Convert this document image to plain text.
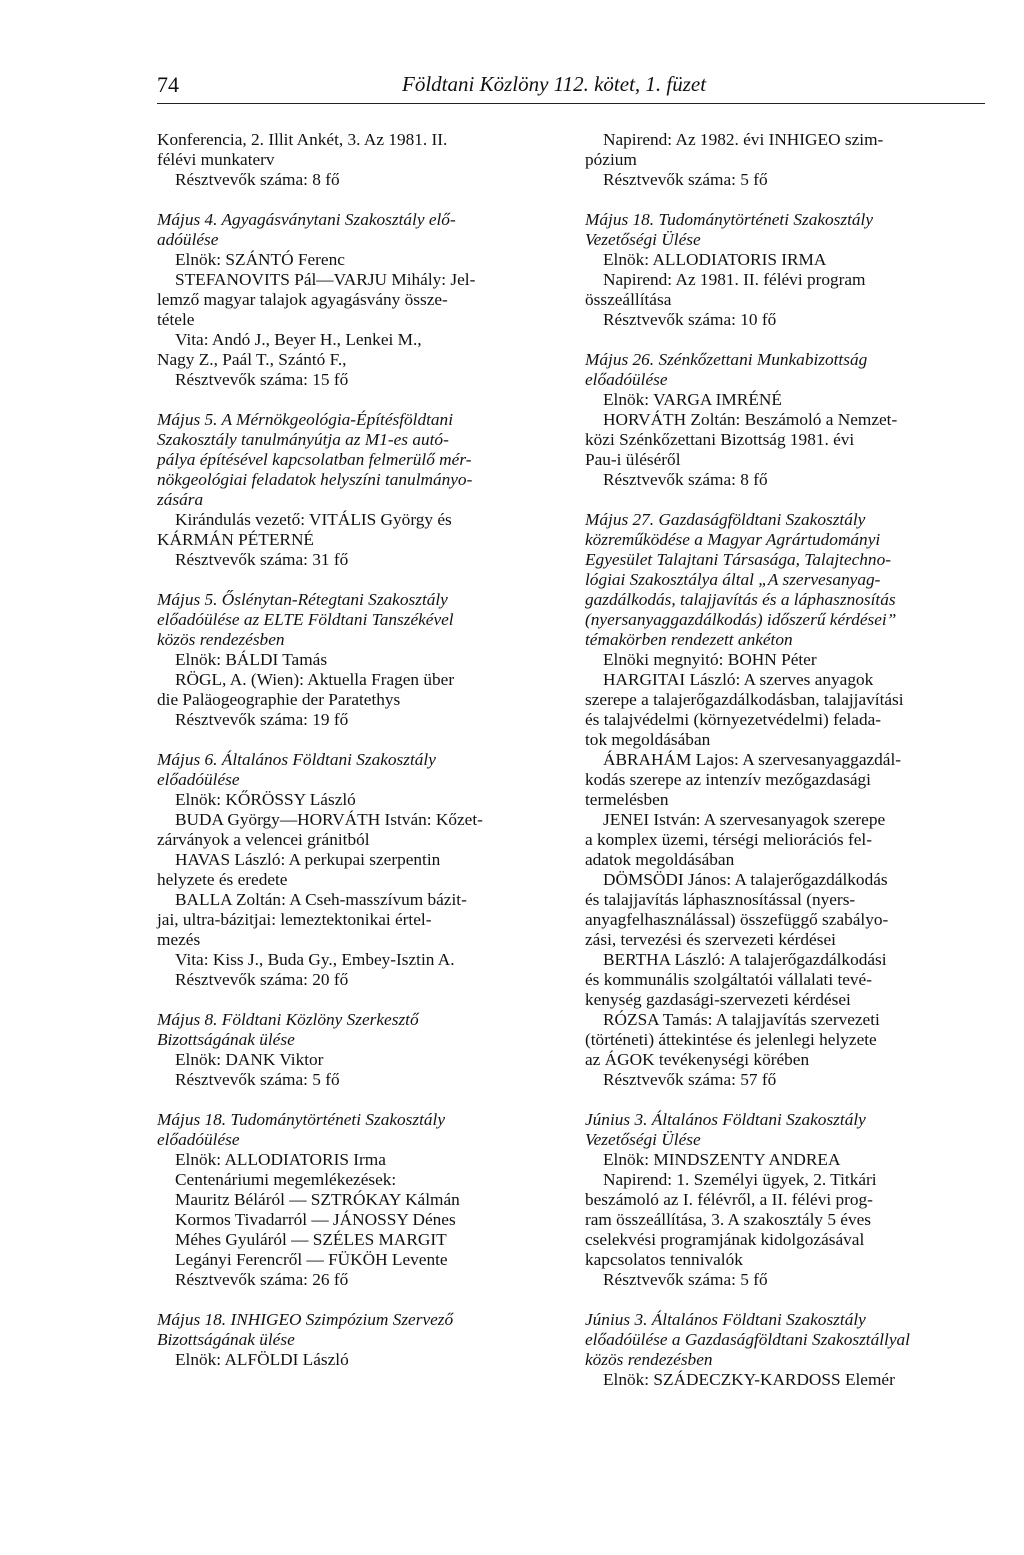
74	Földtani Közlöny 112. kötet, 1. füzet
Konferencia, 2. Illit Ankét, 3. Az 1981. II.
félévi munkaterv
Résztvevők száma: 8 fő
Május 4. Agyagásványtani Szakosztály elő-
adóülése
Elnök: SZÁNTÓ Ferenc
STEFANOVITS Pál—VARJU Mihály: Jel-
lemző magyar talajok agyagásvány össze-
tétele
Vita: Andó J., Beyer H., Lenkei M.,
Nagy Z., Paál T., Szántó F.,
Résztvevők száma: 15 fő
Május 5. A Mérnökgeológia-Építésföldtani
Szakosztály tanulmányútja az M1-es autó-
pálya építésével kapcsolatban felmerülő mér-
nökgeológiai feladatok helyszíni tanulmányo-
zására
Kirándulás vezető: VITÁLIS György és
KÁRMÁN PÉTERNÉ
Résztvevők száma: 31 fő
Május 5. Őslénytan-Rétegtani Szakosztály
előadóülése az ELTE Földtani Tanszékével
közös rendezésben
Elnök: BÁLDI Tamás
RÖGL, A. (Wien): Aktuella Fragen über
die Paläogeographie der Paratethys
Résztvevők száma: 19 fő
Május 6. Általános Földtani Szakosztály
előadóülése
Elnök: KŐRÖSSY László
BUDA György—HORVÁTH István: Kőzet-
zárványok a velencei gránitból
HAVAS László: A perkupai szerpentin
helyzete és eredete
BALLA Zoltán: A Cseh-masszívum bázit-
jai, ultra-bázitjai: lemeztektonikai értel-
mezés
Vita: Kiss J., Buda Gy., Embey-Isztin A.
Résztvevők száma: 20 fő
Május 8. Földtani Közlöny Szerkesztő
Bizottságának ülése
Elnök: DANK Viktor
Résztvevők száma: 5 fő
Május 18. Tudománytörténeti Szakosztály
előadóülése
Elnök: ALLODIATORIS Irma
Centenáriumi megemlékezések:
Mauritz Béláról — SZTRÓKAY Kálmán
Kormos Tivadarról — JÁNOSSY Dénes
Méhes Gyuláról — SZÉLES MARGIT
Legányi Ferencről — FÜKÖH Levente
Résztvevők száma: 26 fő
Május 18. INHIGEO Szimpózium Szervező
Bizottságának ülése
Elnök: ALFÖLDI László
Napirend: Az 1982. évi INHIGEO szim-
pózium
Résztvevők száma: 5 fő
Május 18. Tudománytörténeti Szakosztály
Vezetőségi Ülése
Elnök: ALLODIATORIS IRMA
Napirend: Az 1981. II. félévi program
összeállítása
Résztvevők száma: 10 fő
Május 26. Szénkőzettani Munkabizottság
előadóülése
Elnök: VARGA IMRÉNÉ
HORVÁTH Zoltán: Beszámoló a Nemzet-
közi Szénkőzettani Bizottság 1981. évi
Pau-i üléséről
Résztvevők száma: 8 fő
Május 27. Gazdaságföldtani Szakosztály
közreműködése a Magyar Agrártudományi
Egyesület Talajtani Társasága, Talajtechno-
lógiai Szakosztálya által „A szervesanyag-
gazdálkodás, talajjavítás és a láphasznosítás
(nyersanyaggazdálkodás) időszerű kérdései”
témakörben rendezett ankéton
Elnöki megnyitó: BOHN Péter
HARGITAI László: A szerves anyagok
szerepe a talajerőgazdálkodásban, talajjavítási
és talajvédelmi (környezetvédelmi) felada-
tok megoldásában
ÁBRAHÁM Lajos: A szervesanyaggazdál-
kodás szerepe az intenzív mezőgazdasági
termelésben
JENEI István: A szervesanyagok szerepe
a komplex üzemi, térségi meliorációs fel-
adatok megoldásában
DÖMSÖDI János: A talajerőgazdálkodás
és talajjavítás láphasznosítással (nyers-
anyagfelhasználással) összefüggő szabályo-
zási, tervezési és szervezeti kérdései
BERTHA László: A talajerőgazdálkodási
és kommunális szolgáltatói vállalati tevé-
kenység gazdasági-szervezeti kérdései
RÓZSA Tamás: A talajjavítás szervezeti
(történeti) áttekintése és jelenlegi helyzete
az ÁGOK tevékenységi körében
Résztvevők száma: 57 fő
Június 3. Általános Földtani Szakosztály
Vezetőségi Ülése
Elnök: MINDSZENTY ANDREA
Napirend: 1. Személyi ügyek, 2. Titkári
beszámoló az I. félévről, a II. félévi prog-
ram összeállítása, 3. A szakosztály 5 éves
cselekvési programjának kidolgozásával
kapcsolatos tennivalók
Résztvevők száma: 5 fő
Június 3. Általános Földtani Szakosztály
előadóülése a Gazdaságföldtani Szakosztállyal
közös rendezésben
Elnök: SZÁDECZKY-KARDOSS Elemér
